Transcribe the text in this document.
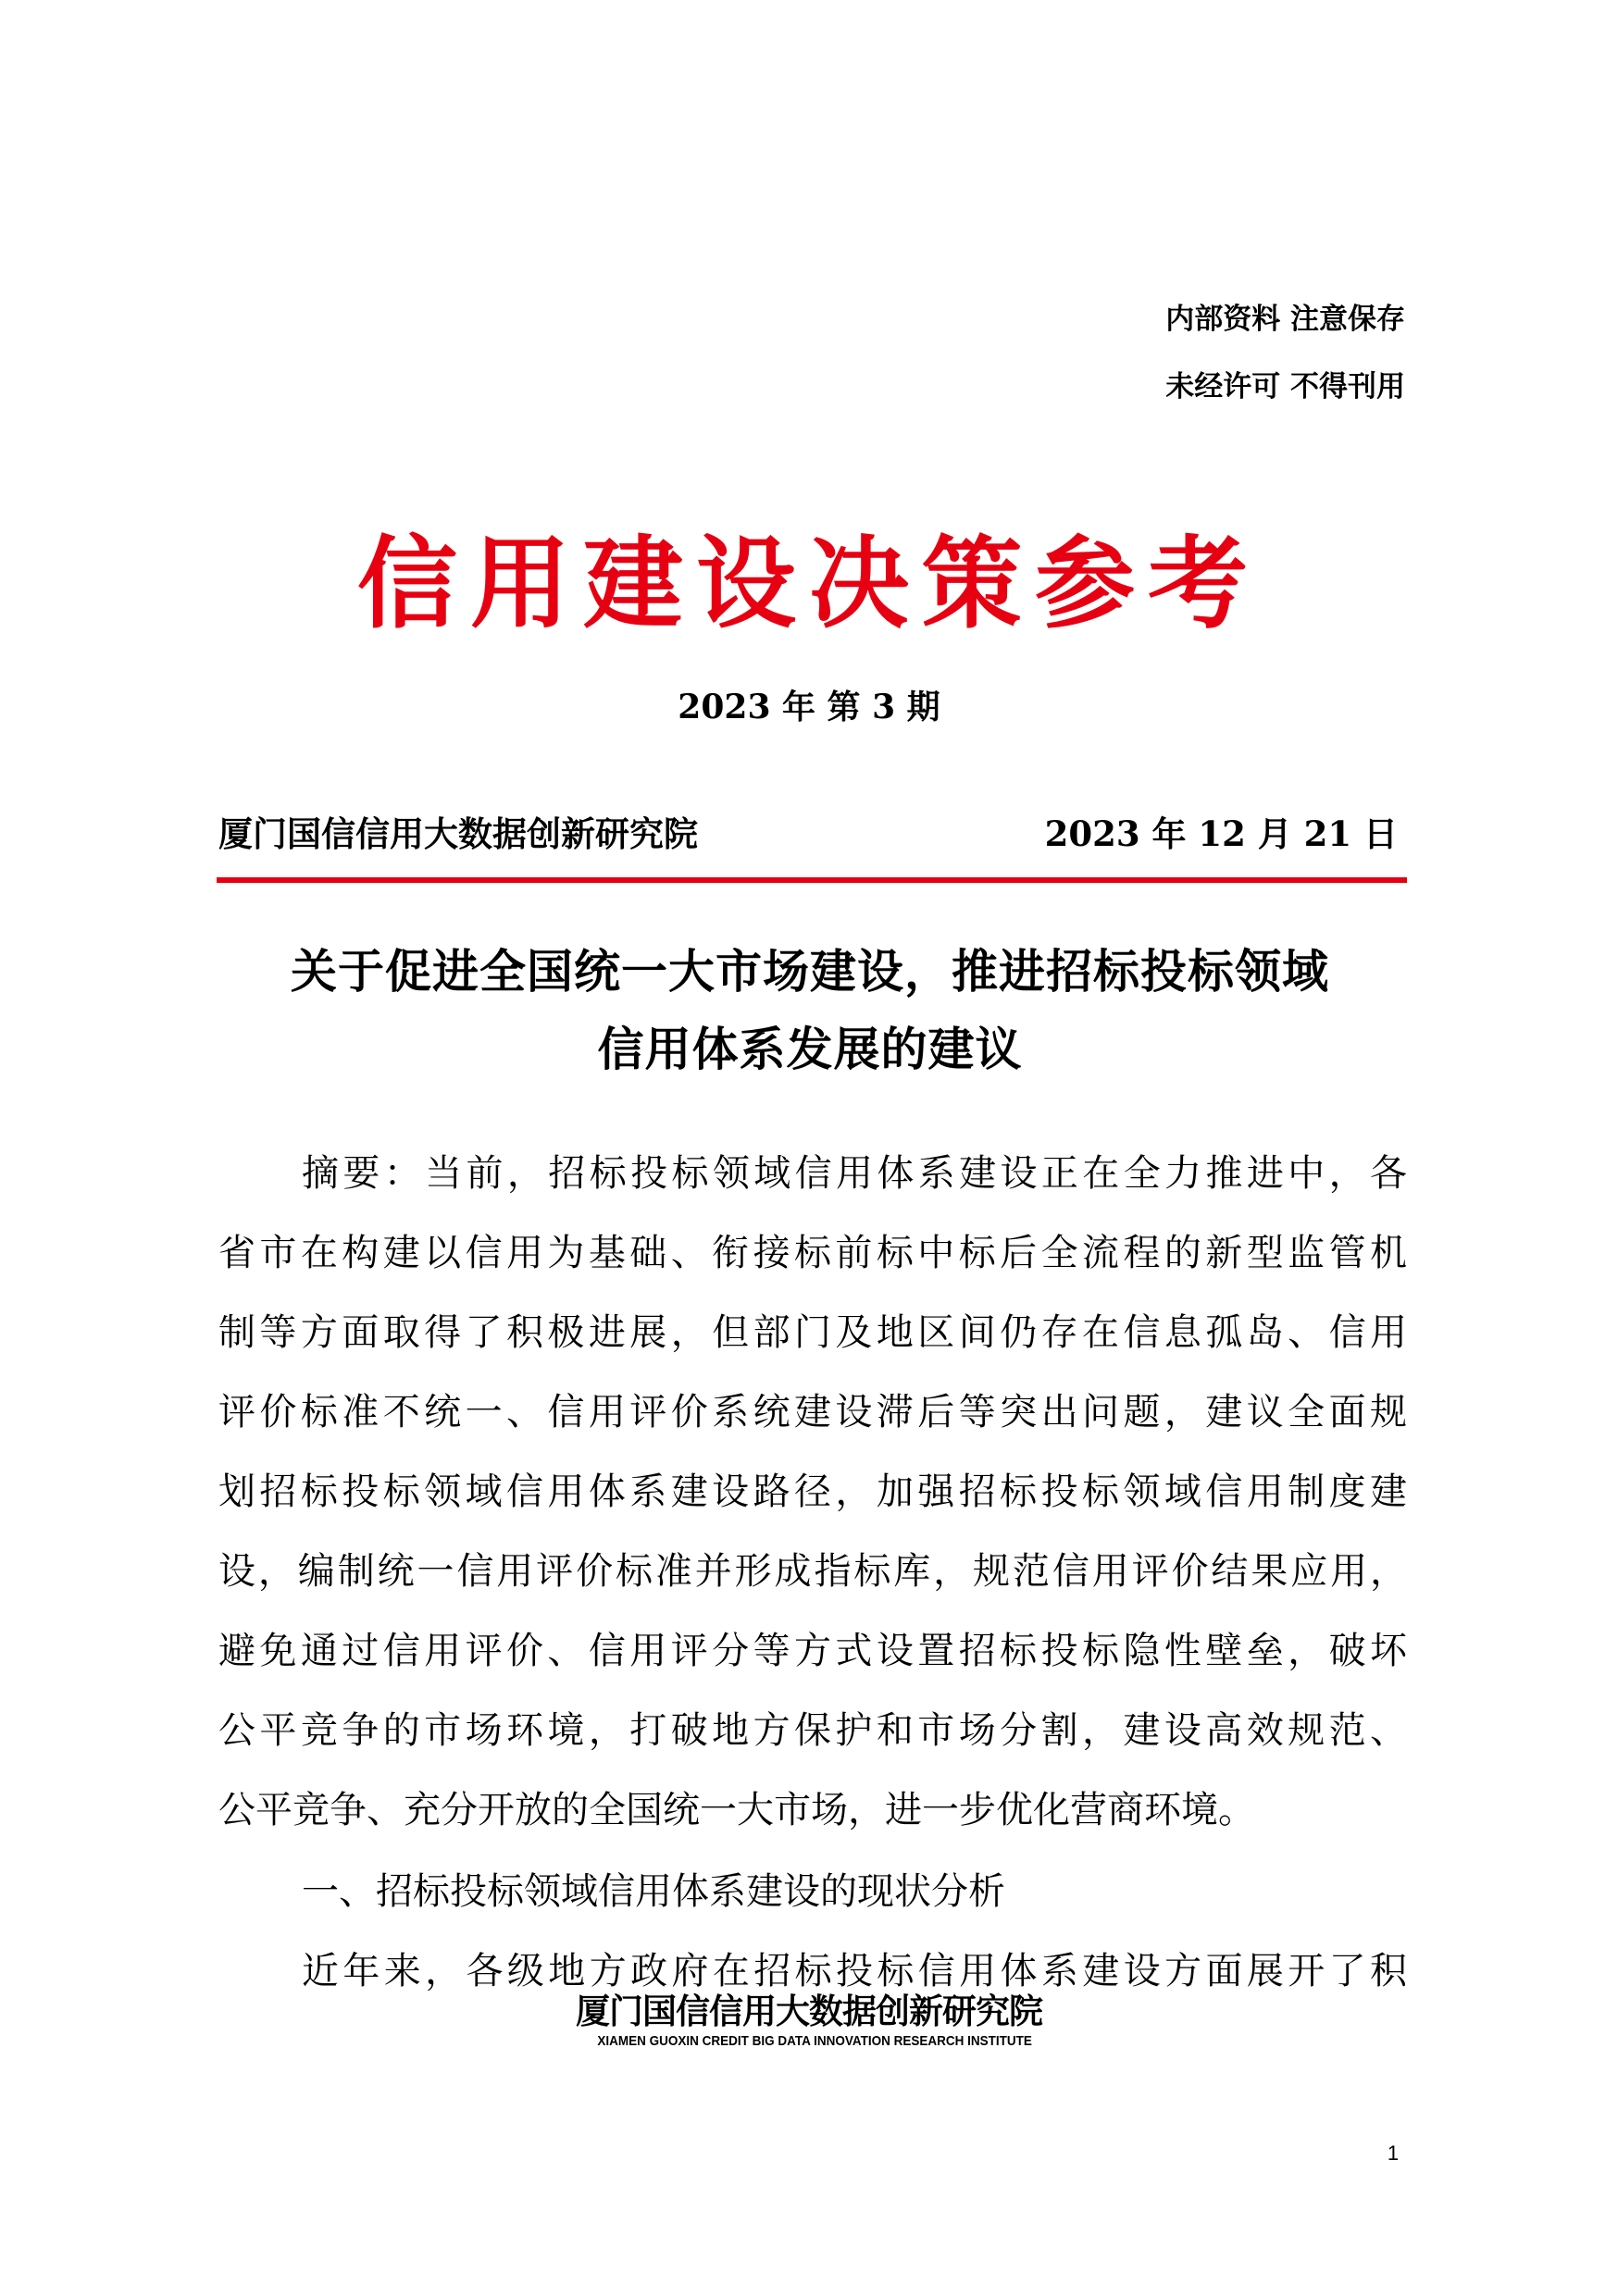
内部资料 注意保存
未经许可 不得刊用
信用建设决策参考
2023 年 第 3 期
厦门国信信用大数据创新研究院	2023 年 12 月 21 日
关于促进全国统一大市场建设，推进招标投标领域
信用体系发展的建议
摘要：当前，招标投标领域信用体系建设正在全力推进中，各
省市在构建以信用为基础、衔接标前标中标后全流程的新型监管机
制等方面取得了积极进展，但部门及地区间仍存在信息孤岛、信用
评价标准不统一、信用评价系统建设滞后等突出问题，建议全面规
划招标投标领域信用体系建设路径，加强招标投标领域信用制度建
设，编制统一信用评价标准并形成指标库，规范信用评价结果应用，
避免通过信用评价、信用评分等方式设置招标投标隐性壁垒，破坏
公平竞争的市场环境，打破地方保护和市场分割，建设高效规范、
公平竞争、充分开放的全国统一大市场，进一步优化营商环境。
一、招标投标领域信用体系建设的现状分析
近年来，各级地方政府在招标投标信用体系建设方面展开了积
厦门国信信用大数据创新研究院
XIAMEN GUOXIN CREDIT BIG DATA INNOVATION RESEARCH INSTITUTE
1
